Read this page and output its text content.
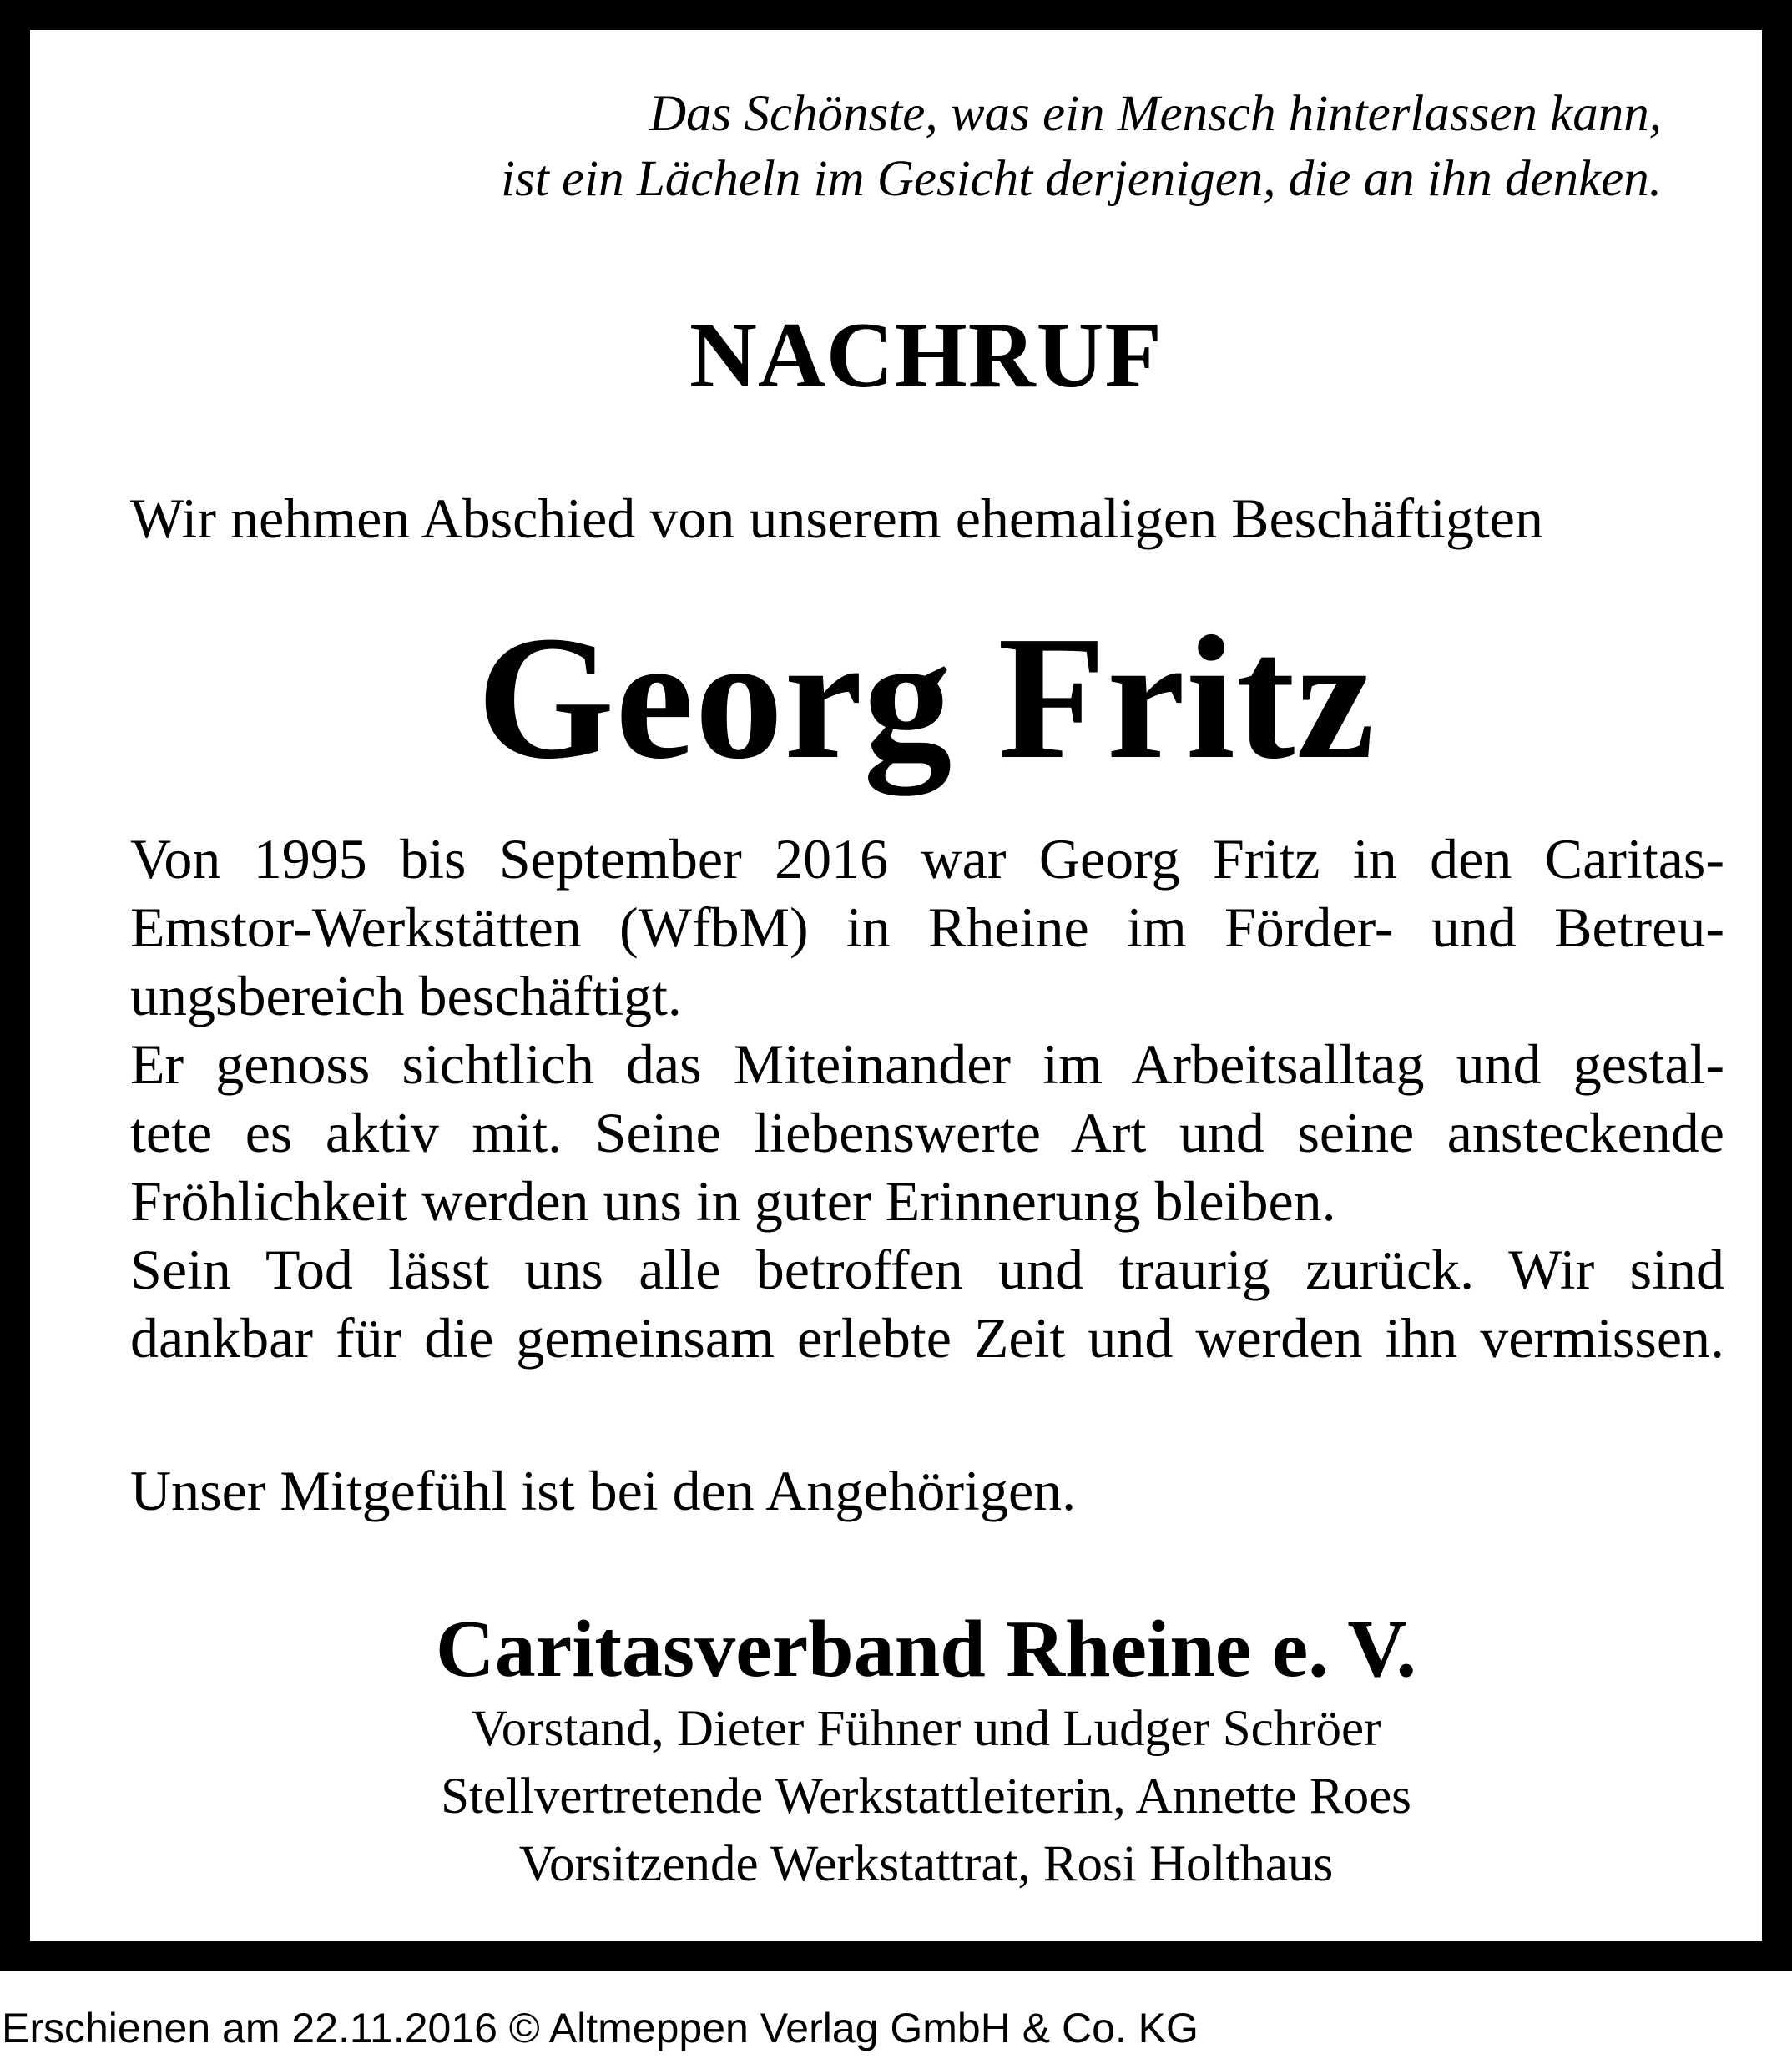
Das Schönste, was ein Mensch hinterlassen kann,
ist ein Lächeln im Gesicht derjenigen, die an ihn denken.
NACHRUF
Wir nehmen Abschied von unserem ehemaligen Beschäftigten
Georg Fritz
Von 1995 bis September 2016 war Georg Fritz in den Caritas-
Emstor-Werkstätten (WfbM) in Rheine im Förder- und Betreu-
ungsbereich beschäftigt.
Er genoss sichtlich das Miteinander im Arbeitsalltag und gestal-
tete es aktiv mit. Seine liebenswerte Art und seine ansteckende
Fröhlichkeit werden uns in guter Erinnerung bleiben.
Sein Tod lässt uns alle betroffen und traurig zurück. Wir sind
dankbar für die gemeinsam erlebte Zeit und werden ihn vermissen.
Unser Mitgefühl ist bei den Angehörigen.
Caritasverband Rheine e. V.
Vorstand, Dieter Fühner und Ludger Schröer
Stellvertretende Werkstattleiterin, Annette Roes
Vorsitzende Werkstattrat, Rosi Holthaus
Erschienen am 22.11.2016 © Altmeppen Verlag GmbH & Co. KG
